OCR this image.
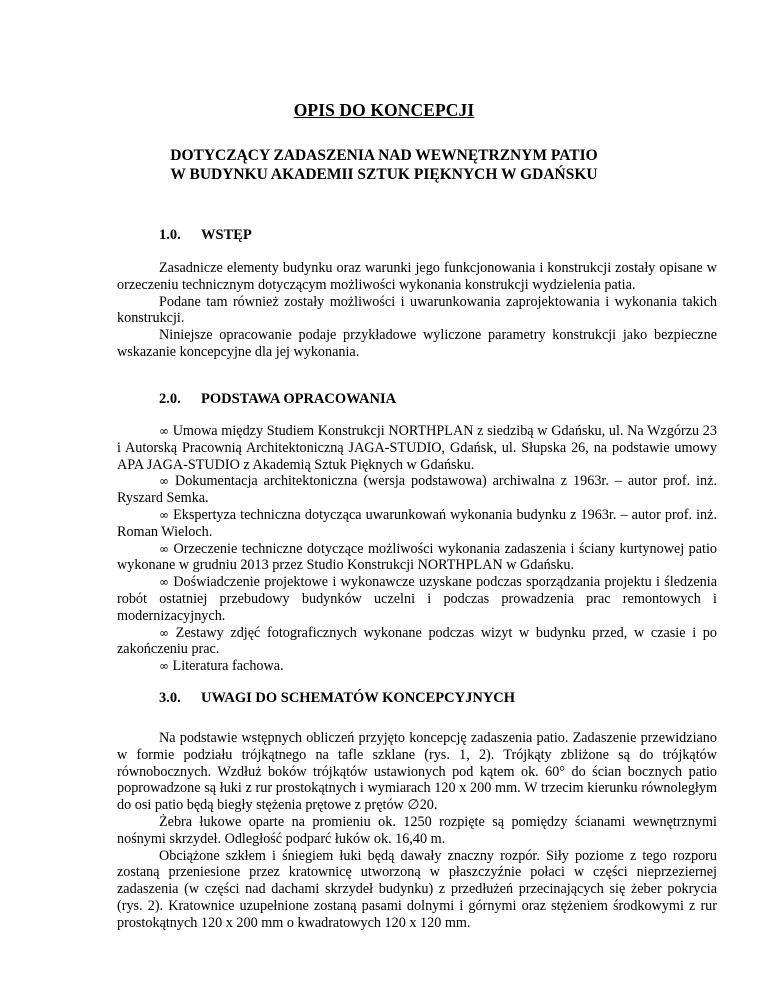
OPIS DO KONCEPCJI
DOTYCZĄCY ZADASZENIA NAD WEWNĘTRZNYM PATIO
W BUDYNKU AKADEMII SZTUK PIĘKNYCH W GDAŃSKU
1.0. WSTĘP

Zasadnicze elementy budynku oraz warunki jego funkcjonowania i konstrukcji zostały opisane w orzeczeniu technicznym dotyczącym możliwości wykonania konstrukcji wydzielenia patia.

Podane tam również zostały możliwości i uwarunkowania zaprojektowania i wykonania takich konstrukcji.

Niniejsze opracowanie podaje przykładowe wyliczone parametry konstrukcji jako bezpieczne wskazanie koncepcyjne dla jej wykonania.

2.0. PODSTAWA OPRACOWANIA

∞ Umowa między Studiem Konstrukcji NORTHPLAN z siedzibą w Gdańsku, ul. Na Wzgórzu 23 i Autorską Pracownią Architektoniczną JAGA-STUDIO, Gdańsk, ul. Słupska 26, na podstawie umowy APA JAGA-STUDIO z Akademią Sztuk Pięknych w Gdańsku.

∞ Dokumentacja architektoniczna (wersja podstawowa) archiwalna z 1963r. – autor prof. inż. Ryszard Semka.

∞ Ekspertyza techniczna dotycząca uwarunkowań wykonania budynku z 1963r. – autor prof. inż. Roman Wieloch.

∞ Orzeczenie techniczne dotyczące możliwości wykonania zadaszenia i ściany kurtynowej patio wykonane w grudniu 2013 przez Studio Konstrukcji NORTHPLAN w Gdańsku.

∞ Doświadczenie projektowe i wykonawcze uzyskane podczas sporządzania projektu i śledzenia robót ostatniej przebudowy budynków uczelni i podczas prowadzenia prac remontowych i modernizacyjnych.

∞ Zestawy zdjęć fotograficznych wykonane podczas wizyt w budynku przed, w czasie i po zakończeniu prac.

∞ Literatura fachowa.

3.0. UWAGI DO SCHEMATÓW KONCEPCYJNYCH

Na podstawie wstępnych obliczeń przyjęto koncepcję zadaszenia patio. Zadaszenie przewidziano w formie podziału trójkątnego na tafle szklane (rys. 1, 2). Trójkąty zbliżone są do trójkątów równobocznych. Wzdłuż boków trójkątów ustawionych pod kątem ok. 60° do ścian bocznych patio poprowadzone są łuki z rur prostokątnych i wymiarach 120 x 200 mm. W trzecim kierunku równoległym do osi patio będą biegły stężenia prętowe z prętów ∅20.

Żebra łukowe oparte na promieniu ok. 1250 rozpięte są pomiędzy ścianami wewnętrznymi nośnymi skrzydeł. Odległość podparć łuków ok. 16,40 m.

Obciążone szkłem i śniegiem łuki będą dawały znaczny rozpór. Siły poziome z tego rozporu zostaną przeniesione przez kratownicę utworzoną w płaszczyźnie połaci w części nieprzeziernej zadaszenia (w części nad dachami skrzydeł budynku) z przedłużeń przecinających się żeber pokrycia (rys. 2). Kratownice uzupełnione zostaną pasami dolnymi i górnymi oraz stężeniem środkowymi z rur prostokątnych 120 x 200 mm o kwadratowych 120 x 120 mm.
